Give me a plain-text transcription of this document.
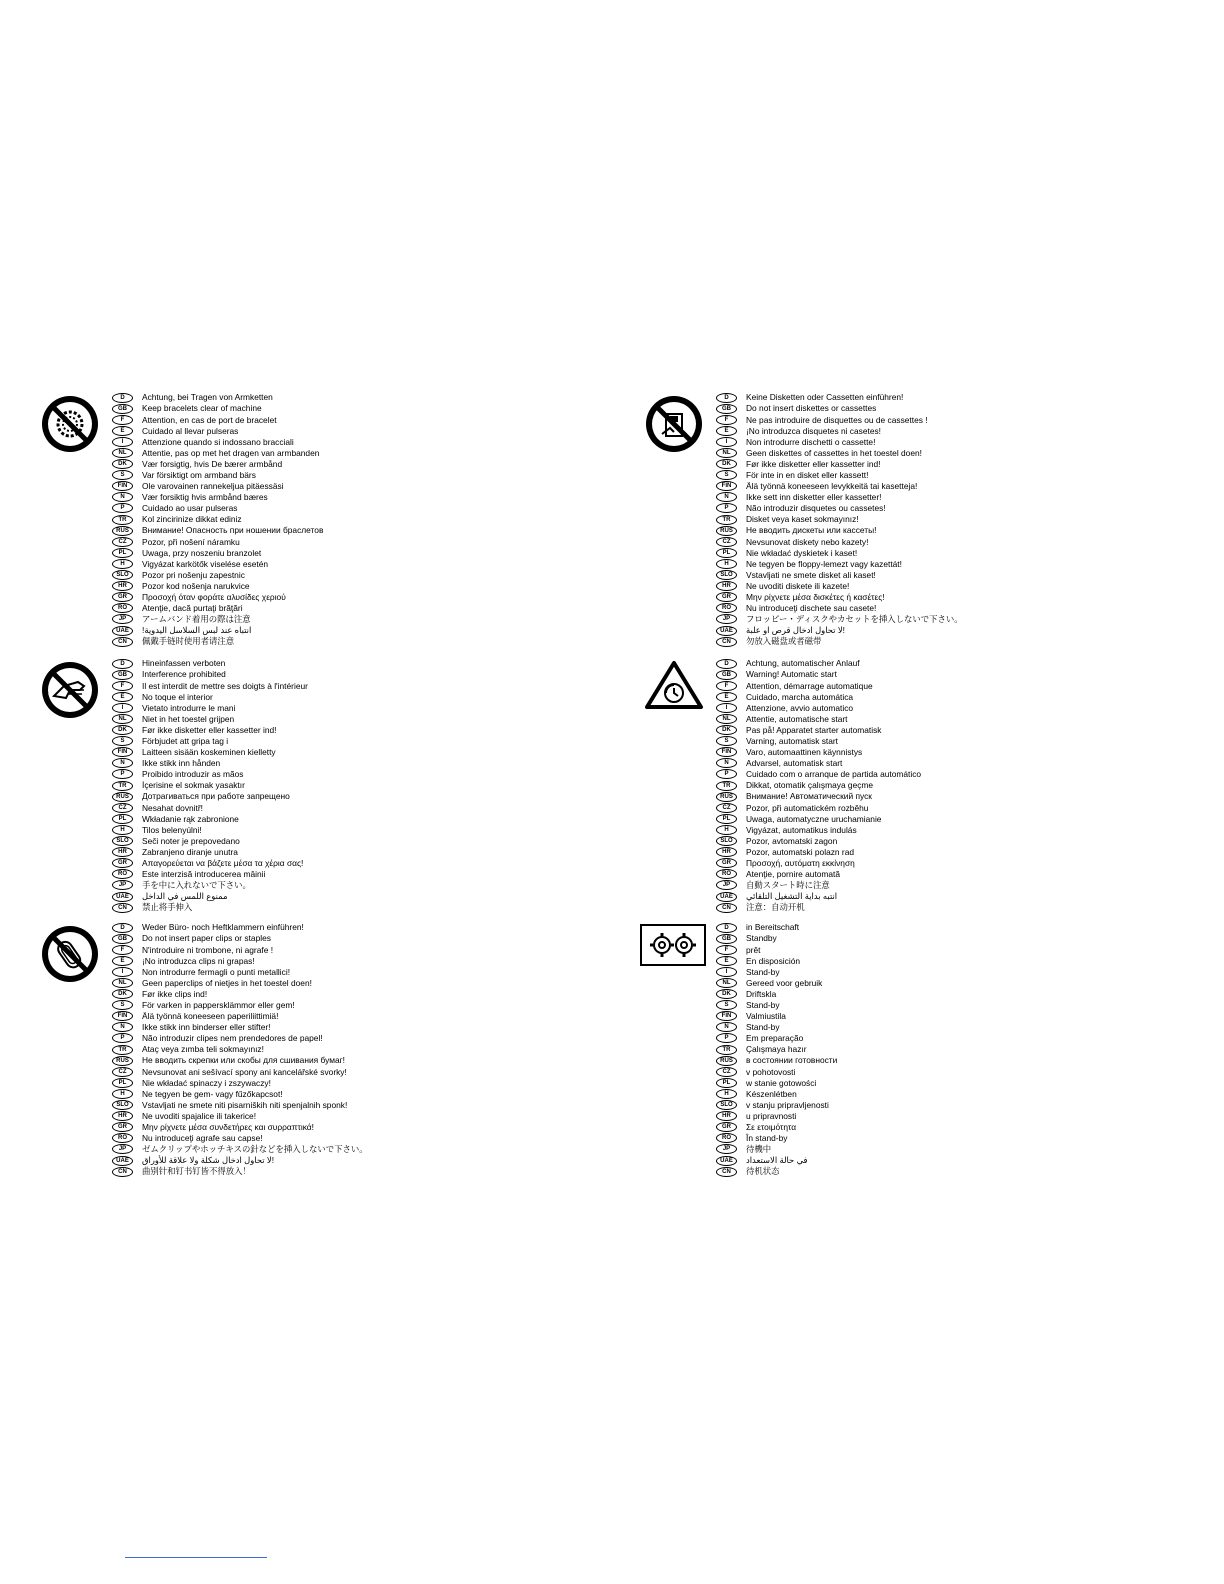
D	Achtung, bei Tragen von Armketten
GB	Keep bracelets clear of machine
F	Attention, en cas de port de bracelet
E	Cuidado al llevar pulseras
I	Attenzione quando si indossano bracciali
NL	Attentie, pas op met het dragen van armbanden
DK	Vær forsigtig, hvis De bærer armbånd
S	Var försiktigt om armband bärs
FIN	Ole varovainen rannekeljua pitäessäsi
N	Vær forsiktig hvis armbånd bæres
P	Cuidado ao usar pulseras
TR	Kol zincirinize dikkat ediniz
RUS	Внимание! Опасность при ношении браслетов
CZ	Pozor, při nošení náramku
PL	Uwaga, przy noszeniu branzolet
H	Vigyázat karkötők viselése esetén
SLO	Pozor pri nošenju zapestnic
HR	Pozor kod nošenja narukvice
GR	Προσοχή όταν φοράτε αλυσίδες χεριού
RO	Atenţie, dacă purtaţi brăţări
JP	アームバンド着用の際は注意
UAE	!انتباه عند لبس السلاسل اليدوية
CN	佩戴手链时使用者请注意
D	Hineinfassen verboten
GB	Interference prohibited
F	Il est interdit de mettre ses doigts à l'intérieur
E	No toque el interior
I	Vietato introdurre le mani
NL	Niet in het toestel grijpen
DK	Før ikke disketter eller kassetter ind!
S	Förbjudet att gripa tag i
FIN	Laitteen sisään koskeminen kielletty
N	Ikke stikk inn hånden
P	Proibido introduzir as mãos
TR	İçerisine el sokmak yasaktır
RUS	Дотрагиваться при работе запрещено
CZ	Nesahat dovnitř!
PL	Wkładanie rąk zabronione
H	Tilos belenyúlni!
SLO	Seči noter je prepovedano
HR	Zabranjeno diranje unutra
GR	Απαγορεύεται να βάζετε μέσα τα χέρια σας!
RO	Este interzisă introducerea mâinii
JP	手を中に入れないで下さい。
UAE	ممنوع اللمس في الداخل
CN	禁止将手伸入
D	Weder Büro- noch Heftklammern einführen!
GB	Do not insert paper clips or staples
F	N'introduire ni trombone, ni agrafe !
E	¡No introduzca clips ni grapas!
I	Non introdurre fermagli o punti metallici!
NL	Geen paperclips of nietjes in het toestel doen!
DK	Før ikke clips ind!
S	För varken in pappersklämmor eller gem!
FIN	Älä työnnä koneeseen paperiliittimiä!
N	Ikke stikk inn binderser eller stifter!
P	Não introduzir clipes nem prendedores de papel!
TR	Ataç veya zımba teli sokmayınız!
RUS	Не вводить скрепки или скобы для сшивания бумаг!
CZ	Nevsunovat ani sešívací spony ani kancelářské svorky!
PL	Nie wkładać spinaczy i zszywaczy!
H	Ne tegyen be gem- vagy fűzőkapcsot!
SLO	Vstavljati ne smete niti pisarniških niti spenjalnih sponk!
HR	Ne uvoditi spajalice ili takerice!
GR	Μην ρίχνετε μέσα συνδετήρες και συρραπτικά!
RO	Nu introduceţi agrafe sau capse!
JP	ゼムクリップやホッチキスの針などを挿入しないで下さい。
UAE	لا تحاول ادخال شكلة ولا علاقة للأوراق!
CN	曲别针和钉书钉皆不得放入！
D	Keine Disketten oder Cassetten einführen!
GB	Do not insert diskettes or cassettes
F	Ne pas introduire de disquettes ou de cassettes !
E	¡No introduzca disquetes ni casetes!
I	Non introdurre dischetti o cassette!
NL	Geen diskettes of cassettes in het toestel doen!
DK	Før ikke disketter eller kassetter ind!
S	För inte in en disket eller kassett!
FIN	Älä työnnä koneeseen levykkeitä tai kasetteja!
N	Ikke sett inn disketter eller kassetter!
P	Não introduzir disquetes ou cassetes!
TR	Disket veya kaset sokmayınız!
RUS	Не вводить дискеты или кассеты!
CZ	Nevsunovat diskety nebo kazety!
PL	Nie wkładać dyskietek i kaset!
H	Ne tegyen be floppy-lemezt vagy kazettát!
SLO	Vstavljati ne smete disket ali kaset!
HR	Ne uvoditi diskete ili kazete!
GR	Μην ρίχνετε μέσα δισκέτες ή κασέτες!
RO	Nu introduceţi dischete sau casete!
JP	フロッピー・ディスクやカセットを挿入しないで下さい。
UAE	لا تحاول ادخال قرص او علبة!
CN	勿放入磁盘或者磁带
D	Achtung, automatischer Anlauf
GB	Warning! Automatic start
F	Attention, démarrage automatique
E	Cuidado, marcha automática
I	Attenzione, avvio automatico
NL	Attentie, automatische start
DK	Pas på! Apparatet starter automatisk
S	Varning, automatisk start
FIN	Varo, automaattinen käynnistys
N	Advarsel, automatisk start
P	Cuidado com o arranque de partida automático
TR	Dikkat, otomatik çalışmaya geçme
RUS	Внимание! Автоматический пуск
CZ	Pozor, při automatickém rozběhu
PL	Uwaga, automatyczne uruchamianie
H	Vigyázat, automatikus indulás
SLO	Pozor, avtomatski zagon
HR	Pozor, automatski polazn rad
GR	Προσοχή, αυτόματη εκκίνηση
RO	Atenţie, pornire automată
JP	自動スタート時に注意
UAE	انتبه بداية التشغيل التلقائي
CN	注意：自动开机
D	in Bereitschaft
GB	Standby
F	prêt
E	En disposición
I	Stand-by
NL	Gereed voor gebruik
DK	Driftskla
S	Stand-by
FIN	Valmiustila
N	Stand-by
P	Em preparação
TR	Çalışmaya hazır
RUS	в состоянии готовности
CZ	v pohotovosti
PL	w stanie gotowości
H	Készenlétben
SLO	v stanju pripravljenosti
HR	u pripravnosti
GR	Σε ετοιμότητα
RO	În stand-by
JP	待機中
UAE	في حالة الاستعداد
CN	待机状态
